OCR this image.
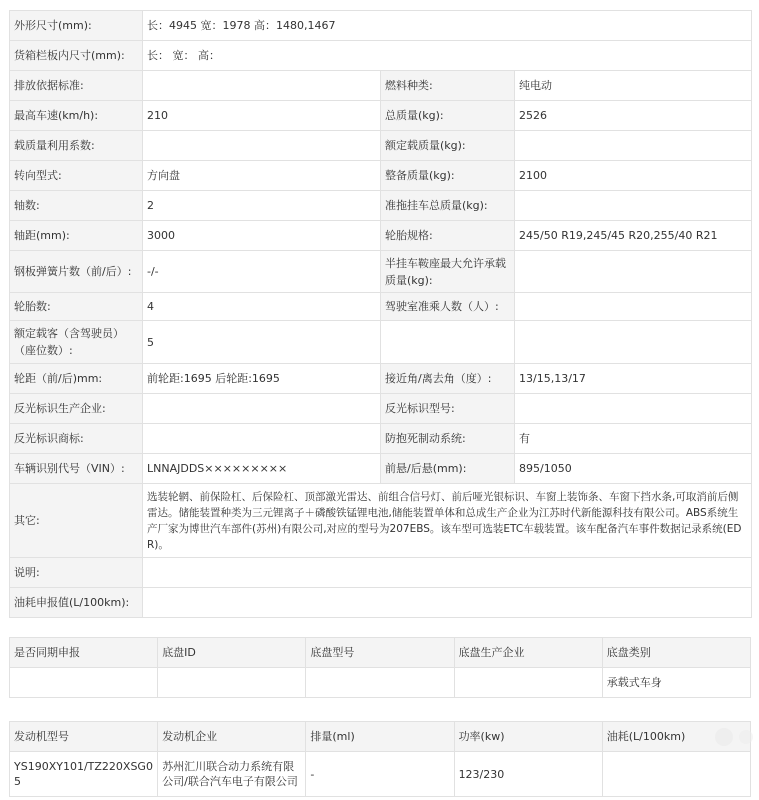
外形尺寸(mm):	长：4945 宽：1978 高：1480,1467		
货箱栏板内尺寸(mm):	长： 宽： 高：		
排放依据标准:		燃料种类:	纯电动
最高车速(km/h):	210	总质量(kg):	2526
载质量利用系数:		额定载质量(kg):	
转向型式:	方向盘	整备质量(kg):	2100
轴数:	2	准拖挂车总质量(kg):	
轴距(mm):	3000	轮胎规格:	245/50 R19,245/45 R20,255/40 R21
钢板弹簧片数（前/后）:	-/-	半挂车鞍座最大允许承载质量(kg):	
轮胎数:	4	驾驶室准乘人数（人）:	
额定载客（含驾驶员）（座位数）:	5		
轮距（前/后)mm:	前轮距:1695 后轮距:1695	接近角/离去角（度）:	13/15,13/17
反光标识生产企业:		反光标识型号:	
反光标识商标:		防抱死制动系统:	有
车辆识别代号（VIN）:	LNNAJDDS×××××××××	前悬/后悬(mm):	895/1050
其它:	选装轮辋、前保险杠、后保险杠、顶部激光雷达、前组合信号灯、前后哑光银标识、车窗上装饰条、车窗下挡水条,可取消前后侧雷达。储能装置种类为三元锂离子＋磷酸铁锰锂电池,储能装置单体和总成生产企业为江苏时代新能源科技有限公司。ABS系统生产厂家为博世汽车部件(苏州)有限公司,对应的型号为207EBS。该车型可选装ETC车载装置。该车配备汽车事件数据记录系统(EDR)。		
说明:			
油耗申报值(L/100km):			
是否同期申报	底盘ID	底盘型号	底盘生产企业	底盘类别
				承载式车身
发动机型号	发动机企业	排量(ml)	功率(kw)	油耗(L/100km)
YS190XY101/TZ220XSG05	苏州汇川联合动力系统有限公司/联合汽车电子有限公司	-	123/230	
